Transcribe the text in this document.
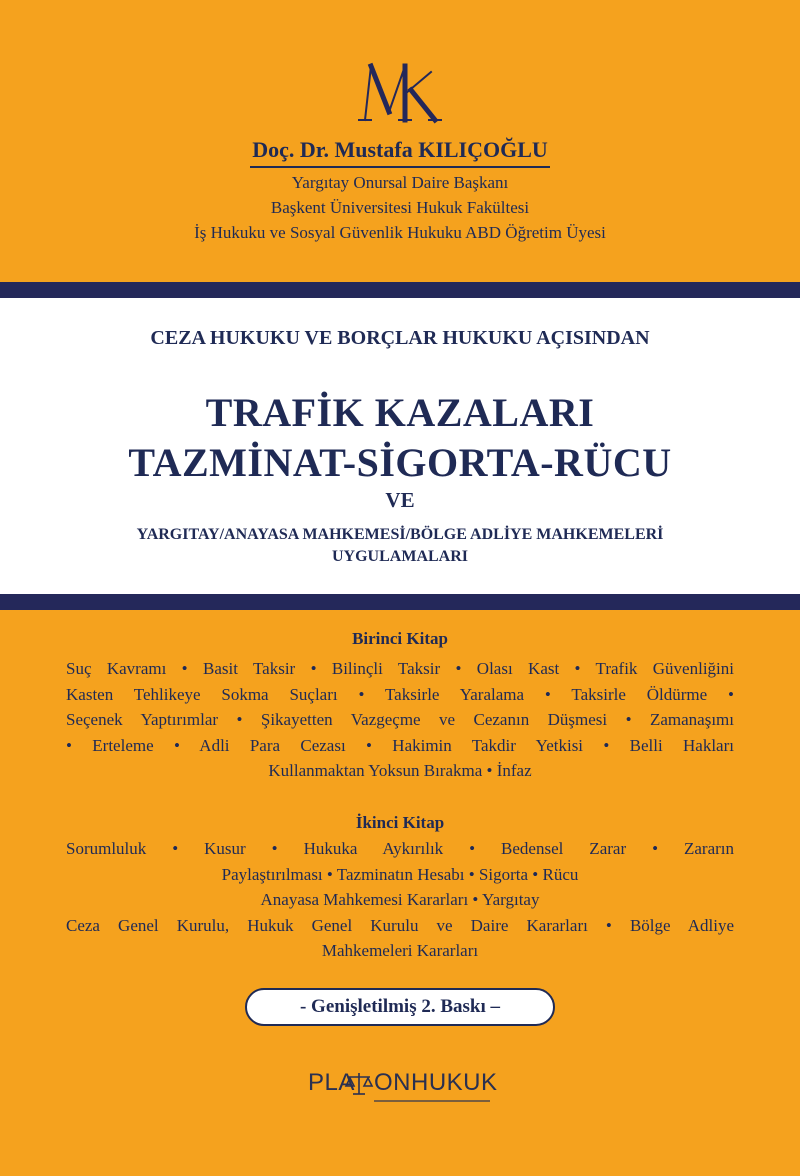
Doç. Dr. Mustafa KILIÇOĞLU
Yargıtay Onursal Daire Başkanı
Başkent Üniversitesi Hukuk Fakültesi
İş Hukuku ve Sosyal Güvenlik Hukuku ABD Öğretim Üyesi
CEZA HUKUKU VE BORÇLAR HUKUKU AÇISINDAN
TRAFİK KAZALARI
TAZMİNAT-SİGORTA-RÜCU
VE
YARGITAY/ANAYASA MAHKEMESİ/BÖLGE ADLİYE MAHKEMELERİ
UYGULAMALARI
Birinci Kitap
Suç Kavramı • Basit Taksir • Bilinçli Taksir • Olası Kast • Trafik Güvenliğini
Kasten Tehlikeye Sokma Suçları • Taksirle Yaralama • Taksirle Öldürme •
Seçenek Yaptırımlar • Şikayetten Vazgeçme ve Cezanın Düşmesi • Zamanaşımı
• Erteleme • Adli Para Cezası • Hakimin Takdir Yetkisi • Belli Hakları
Kullanmaktan Yoksun Bırakma • İnfaz
İkinci Kitap
Sorumluluk • Kusur • Hukuka Aykırılık • Bedensel Zarar • Zararın
Paylaştırılması • Tazminatın Hesabı • Sigorta • Rücu
Anayasa Mahkemesi Kararları • Yargıtay
Ceza Genel Kurulu, Hukuk Genel Kurulu ve Daire Kararları • Bölge Adliye
Mahkemeleri Kararları
- Genişletilmiş 2. Baskı –
PLA ONHUKUK
